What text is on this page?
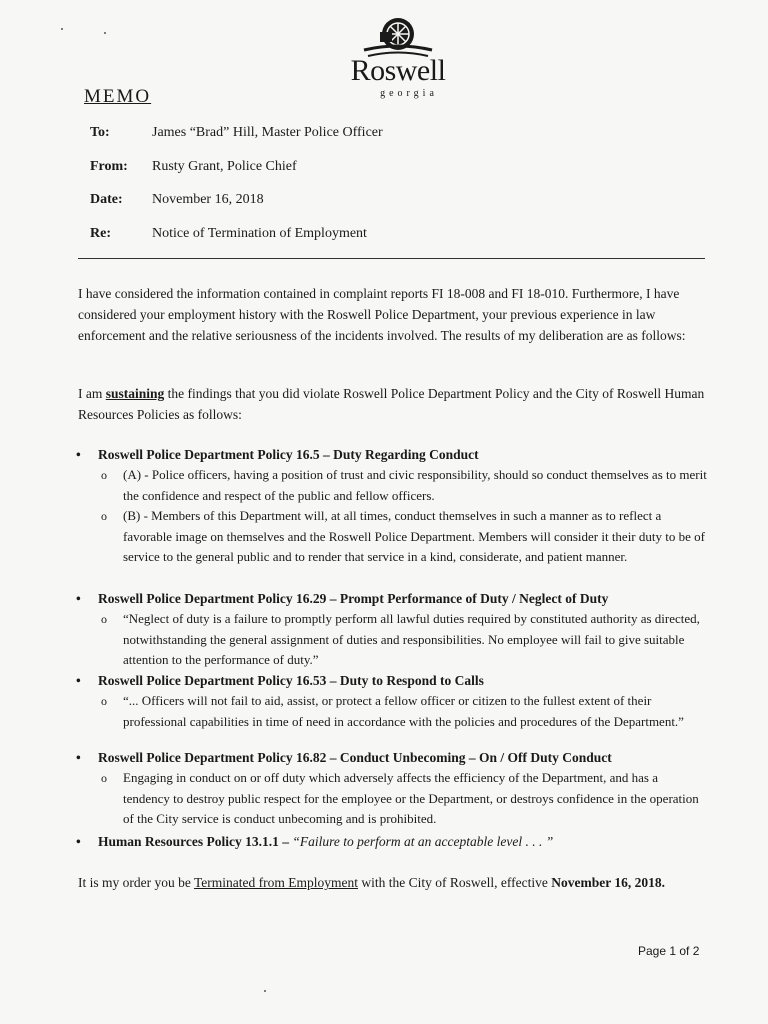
Roswell
georgia
MEMO
To:	James “Brad” Hill, Master Police Officer
From: Rusty Grant, Police Chief
Date: November 16, 2018
Re:	Notice of Termination of Employment
I have considered the information contained in complaint reports FI 18-008 and FI 18-010. Furthermore, I have considered your employment history with the Roswell Police Department, your previous experience in law enforcement and the relative seriousness of the incidents involved. The results of my deliberation are as follows:
I am sustaining the findings that you did violate Roswell Police Department Policy and the City of Roswell Human Resources Policies as follows:
• Roswell Police Department Policy 16.5 – Duty Regarding Conduct
o (A) - Police officers, having a position of trust and civic responsibility, should so conduct themselves as to merit the confidence and respect of the public and fellow officers.
o (B) - Members of this Department will, at all times, conduct themselves in such a manner as to reflect a favorable image on themselves and the Roswell Police Department. Members will consider it their duty to be of service to the general public and to render that service in a kind, considerate, and patient manner.
• Roswell Police Department Policy 16.29 – Prompt Performance of Duty / Neglect of Duty
o “Neglect of duty is a failure to promptly perform all lawful duties required by constituted authority as directed, notwithstanding the general assignment of duties and responsibilities. No employee will fail to give suitable attention to the performance of duty.”
• Roswell Police Department Policy 16.53 – Duty to Respond to Calls
o “... Officers will not fail to aid, assist, or protect a fellow officer or citizen to the fullest extent of their professional capabilities in time of need in accordance with the policies and procedures of the Department.”
• Roswell Police Department Policy 16.82 – Conduct Unbecoming – On / Off Duty Conduct
o Engaging in conduct on or off duty which adversely affects the efficiency of the Department, and has a tendency to destroy public respect for the employee or the Department, or destroys confidence in the operation of the City service is conduct unbecoming and is prohibited.
• Human Resources Policy 13.1.1 – “Failure to perform at an acceptable level . . . ”
It is my order you be Terminated from Employment with the City of Roswell, effective November 16, 2018.
Page 1 of 2
